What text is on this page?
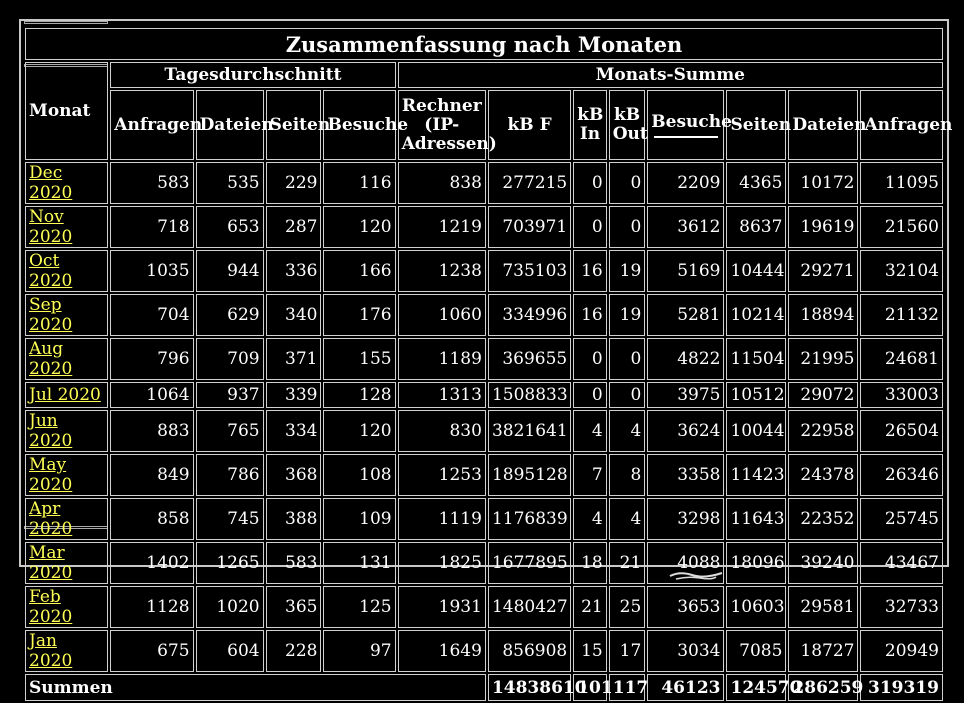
Zusammenfassung nach Monaten												
Monat	Tagesdurchschnitt				Monats-Summe							
	Anfragen	Dateien	Seiten	Besuche	Rechner (IP-Adressen)	kB F	kB In	kB Out	Besuche	Seiten	Dateien	Anfragen
Dec 2020	583	535	229	116	838	277215	0	0	2209	4365	10172	11095
Nov 2020	718	653	287	120	1219	703971	0	0	3612	8637	19619	21560
Oct 2020	1035	944	336	166	1238	735103	16	19	5169	10444	29271	32104
Sep 2020	704	629	340	176	1060	334996	16	19	5281	10214	18894	21132
Aug 2020	796	709	371	155	1189	369655	0	0	4822	11504	21995	24681
Jul 2020	1064	937	339	128	1313	1508833	0	0	3975	10512	29072	33003
Jun 2020	883	765	334	120	830	3821641	4	4	3624	10044	22958	26504
May 2020	849	786	368	108	1253	1895128	7	8	3358	11423	24378	26346
Apr 2020	858	745	388	109	1119	1176839	4	4	3298	11643	22352	25745
Mar 2020	1402	1265	583	131	1825	1677895	18	21	4088	18096	39240	43467
Feb 2020	1128	1020	365	125	1931	1480427	21	25	3653	10603	29581	32733
Jan 2020	675	604	228	97	1649	856908	15	17	3034	7085	18727	20949
Summen						14838610	101	117	46123	124570	286259	319319
